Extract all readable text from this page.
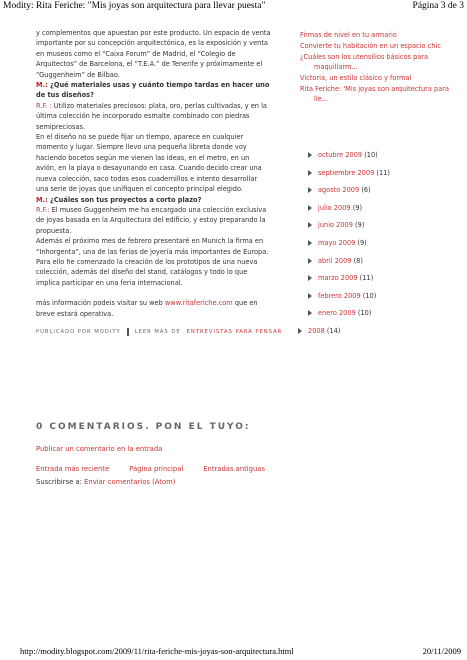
Modity: Rita Feriche: "Mis joyas son arquitectura para llevar puesta"	Página 3 de 3

y complementos que apuestan por este producto. Un espacio de venta importante por su concepción arquitectónica, es la exposición y venta en museos como el “Caixa Forum” de Madrid, el “Colegio de Arquitectos” de Barcelona, el “T.E.A.” de Tenerife y próximamente el “Guggenheim” de Bilbao.

M.: ¿Qué materiales usas y cuánto tiempo tardas en hacer uno de tus diseños?

R.F. : Utilizo materiales preciosos: plata, oro, perlas cultivadas, y en la última colección he incorporado esmalte combinado con piedras semipreciosas.

En el diseño no se puede fijar un tiempo, aparece en cualquier momento y lugar. Siempre llevo una pequeña libreta donde voy haciendo bocetos según me vienen las ideas, en el metro, en un avión, en la playa o desayunando en casa. Cuando decido crear una nueva colección, saco todos esos cuadernillos e intento desarrollar una serie de joyas que unifiquen el concepto principal elegido.

M.: ¿Cuáles son tus proyectos a corto plazo?

R.F.: El museo Guggenheim me ha encargado una colección exclusiva de joyas basada en la Arquitectura del edificio, y estoy preparando la propuesta.

Además el próximo mes de febrero presentaré en Munich la firma en “Inhorgenta”, una de las ferias de joyería más importantes de Europa. Para ello he comenzado la creación de los prototipos de una nueva colección, además del diseño del stand, catálogos y todo lo que implica participar en una feria internacional.

más información podeis visitar su web www.ritaferiche.com que en breve estará operativa.

PUBLICADO POR MODITY	LEER MÁS DE ENTREVISTAS PARA PENSAR
0 COMENTARIOS. PON EL TUYO:
Publicar un comentario en la entrada
Entrada más reciente	Página principal	Entradas antiguas
Suscribirse a: Enviar comentarios (Atom)
Firmas de nivel en tu armario
Convierte tu habitación en un espacio chic
¿Cuáles son los utensilios básicos para maquillarm...
Victoria, un estilo clásico y formal
Rita Feriche: 'Mis joyas son arquitectura para lle...
octubre 2009 (10)
septiembre 2009 (11)
agosto 2009 (6)
julio 2009 (9)
junio 2009 (9)
mayo 2009 (9)
abril 2009 (8)
marzo 2009 (11)
febrero 2009 (10)
enero 2009 (10)
2008 (14)
http://modity.blogspot.com/2009/11/rita-feriche-mis-joyas-son-arquitectura.html	20/11/2009
